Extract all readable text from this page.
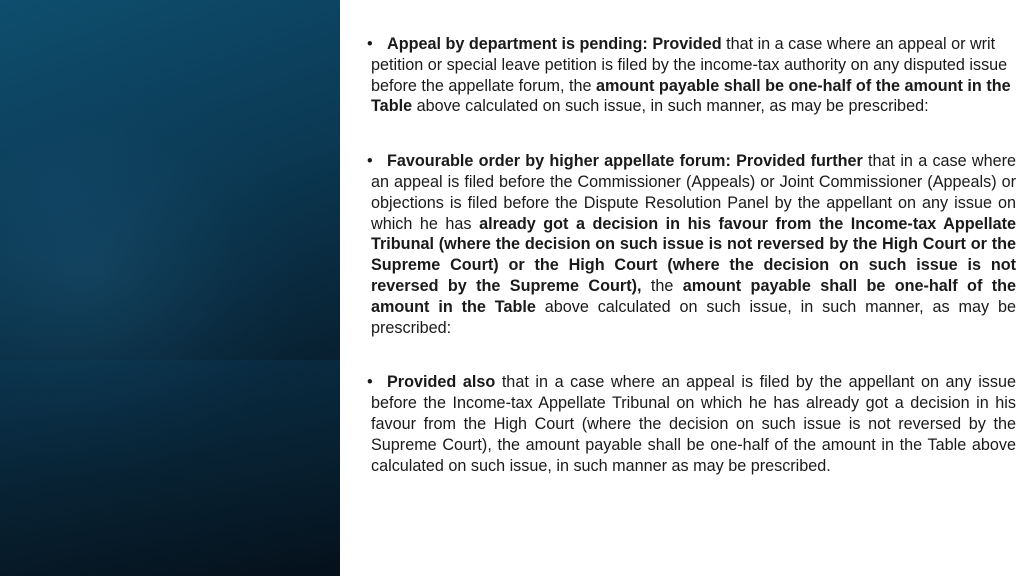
• Appeal by department is pending: Provided that in a case where an appeal or writ petition or special leave petition is filed by the income-tax authority on any disputed issue before the appellate forum, the amount payable shall be one-half of the amount in the Table above calculated on such issue, in such manner, as may be prescribed:

• Favourable order by higher appellate forum: Provided further that in a case where an appeal is filed before the Commissioner (Appeals) or Joint Commissioner (Appeals) or objections is filed before the Dispute Resolution Panel by the appellant on any issue on which he has already got a decision in his favour from the Income-tax Appellate Tribunal (where the decision on such issue is not reversed by the High Court or the Supreme Court) or the High Court (where the decision on such issue is not reversed by the Supreme Court), the amount payable shall be one-half of the amount in the Table above calculated on such issue, in such manner, as may be prescribed:

• Provided also that in a case where an appeal is filed by the appellant on any issue before the Income-tax Appellate Tribunal on which he has already got a decision in his favour from the High Court (where the decision on such issue is not reversed by the Supreme Court), the amount payable shall be one-half of the amount in the Table above calculated on such issue, in such manner as may be prescribed.
